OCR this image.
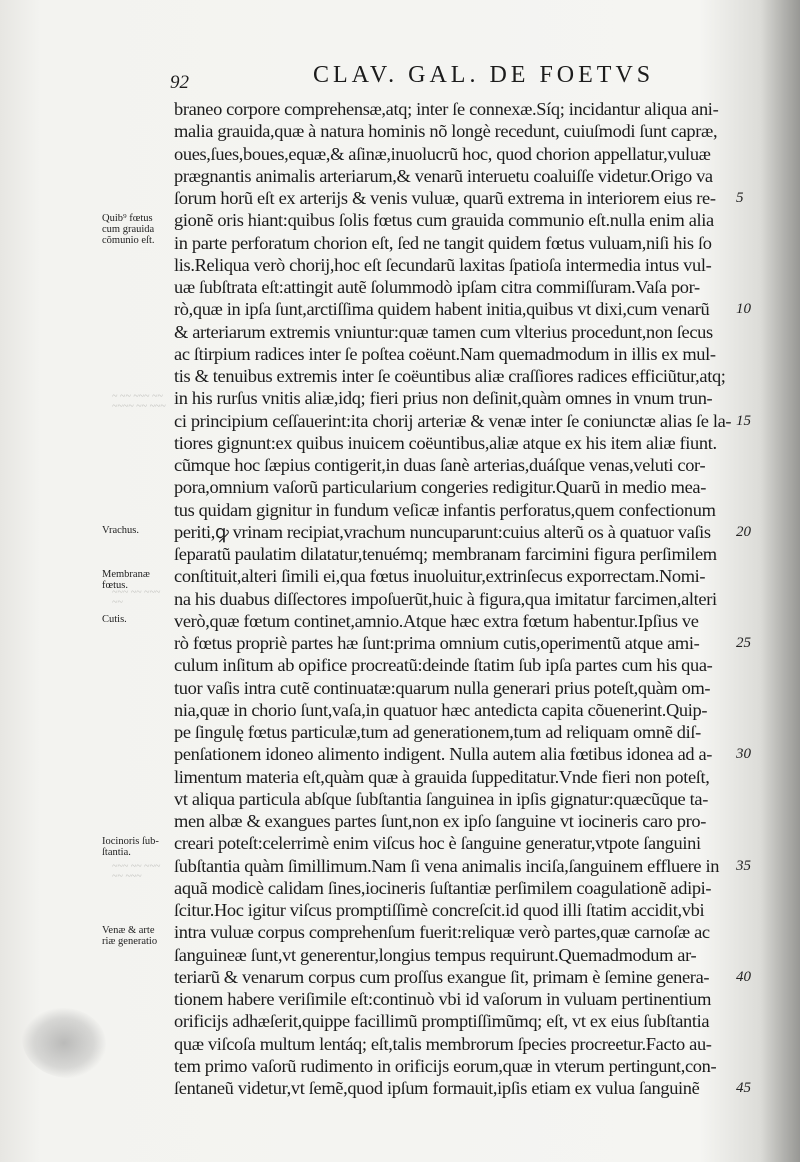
92	CLAV. GAL. DE FOETVS
~ ~~ ~~~ ~~ ~~~~ ~~ ~~~
~~~ ~~ ~~~ ~~
~~~ ~~ ~~~ ~~ ~~~
braneo corpore comprehensæ,atq; inter ſe connexæ.Síq; incidantur aliqua ani-
malia grauida,quæ à natura hominis nõ longè recedunt, cuiuſmodi ſunt capræ,
oues,ſues,boues,equæ,& aſinæ,inuolucrũ hoc, quod chorion appellatur,vuluæ
prægnantis animalis arteriarum,& venarũ interuetu coaluiſſe videtur.Origo va
ſorum horũ eſt ex arterijs & venis vuluæ, quarũ extrema in interiorem eius re-
gionẽ oris hiant:quibus ſolis fœtus cum grauida communio eſt.nulla enim alia
in parte perforatum chorion eſt, ſed ne tangit quidem fœtus vuluam,niſi his ſo
lis.Reliqua verò chorij,hoc eſt ſecundarũ laxitas ſpatioſa intermedia intus vul-
uæ ſubſtrata eſt:attingit autẽ ſolummodò ipſam citra commiſſuram.Vaſa por-
rò,quæ in ipſa ſunt,arctiſſima quidem habent initia,quibus vt dixi,cum venarũ
& arteriarum extremis vniuntur:quæ tamen cum vlterius procedunt,non ſecus
ac ſtirpium radices inter ſe poſtea coëunt.Nam quemadmodum in illis ex mul-
tis & tenuibus extremis inter ſe coëuntibus aliæ craſſiores radices efficiũtur,atq;
in his rurſus vnitis aliæ,idq; fieri prius non deſinit,quàm omnes in vnum trun-
ci principium ceſſauerint:ita chorij arteriæ & venæ inter ſe coniunctæ alias ſe la-
tiores gignunt:ex quibus inuicem coëuntibus,aliæ atque ex his item aliæ fiunt.
cũmque hoc ſæpius contigerit,in duas ſanè arterias,duáſque venas,veluti cor-
pora,omnium vaſorũ particularium congeries redigitur.Quarũ in medio mea-
tus quidam gignitur in fundum veſicæ infantis perforatus,quem confectionum
periti,ꝙ vrinam recipiat,vrachum nuncuparunt:cuius alterũ os à quatuor vaſis
ſeparatũ paulatim dilatatur,tenuémq; membranam farcimini figura perſimilem
conſtituit,alteri ſimili ei,qua fœtus inuoluitur,extrinſecus exporrectam.Nomi-
na his duabus diſſectores impoſuerũt,huic à figura,qua imitatur farcimen,alteri
verò,quæ fœtum continet,amnio.Atque hæc extra fœtum habentur.Ipſius ve
rò fœtus propriè partes hæ ſunt:prima omnium cutis,operimentũ atque ami-
culum inſitum ab opifice procreatũ:deinde ſtatim ſub ipſa partes cum his qua-
tuor vaſis intra cutẽ continuatæ:quarum nulla generari prius poteſt,quàm om-
nia,quæ in chorio ſunt,vaſa,in quatuor hæc antedicta capita cõuenerint.Quip-
pe ſingulę fœtus particulæ,tum ad generationem,tum ad reliquam omnẽ diſ-
penſationem idoneo alimento indigent. Nulla autem alia fœtibus idonea ad a-
limentum materia eſt,quàm quæ à grauida ſuppeditatur.Vnde fieri non poteſt,
vt aliqua particula abſque ſubſtantia ſanguinea in ipſis gignatur:quæcũque ta-
men albæ & exangues partes ſunt,non ex ipſo ſanguine vt iocineris caro pro-
creari poteſt:celerrimè enim viſcus hoc è ſanguine generatur,vtpote ſanguini
ſubſtantia quàm ſimillimum.Nam ſi vena animalis inciſa,ſanguinem effluere in
aquã modicè calidam ſines,iocineris ſuſtantiæ perſimilem coagulationẽ adipi-
ſcitur.Hoc igitur viſcus promptiſſimè concreſcit.id quod illi ſtatim accidit,vbi
intra vuluæ corpus comprehenſum fuerit:reliquæ verò partes,quæ carnoſæ ac
ſanguineæ ſunt,vt generentur,longius tempus requirunt.Quemadmodum ar-
teriarũ & venarum corpus cum proſſus exangue ſit, primam è ſemine genera-
tionem habere veriſimile eſt:continuò vbi id vaſorum in vuluam pertinentium
orificijs adhæſerit,quippe facillimũ promptiſſimũmq; eſt, vt ex eius ſubſtantia
quæ viſcoſa multum lentáq; eſt,talis membrorum ſpecies procreetur.Facto au-
tem primo vaſorũ rudimento in orificijs eorum,quæ in vterum pertingunt,con-
ſentaneũ videtur,vt ſemẽ,quod ipſum formauit,ipſis etiam ex vulua ſanguinẽ
Quib⁹ fœtus cum grauida cõmunio eſt.
Vrachus.
Membranæ fœtus.
Cutis.
Iocinoris ſub- ſtantia.
Venæ & arte riæ generatio
5
10
15
20
25
30
35
40
45
